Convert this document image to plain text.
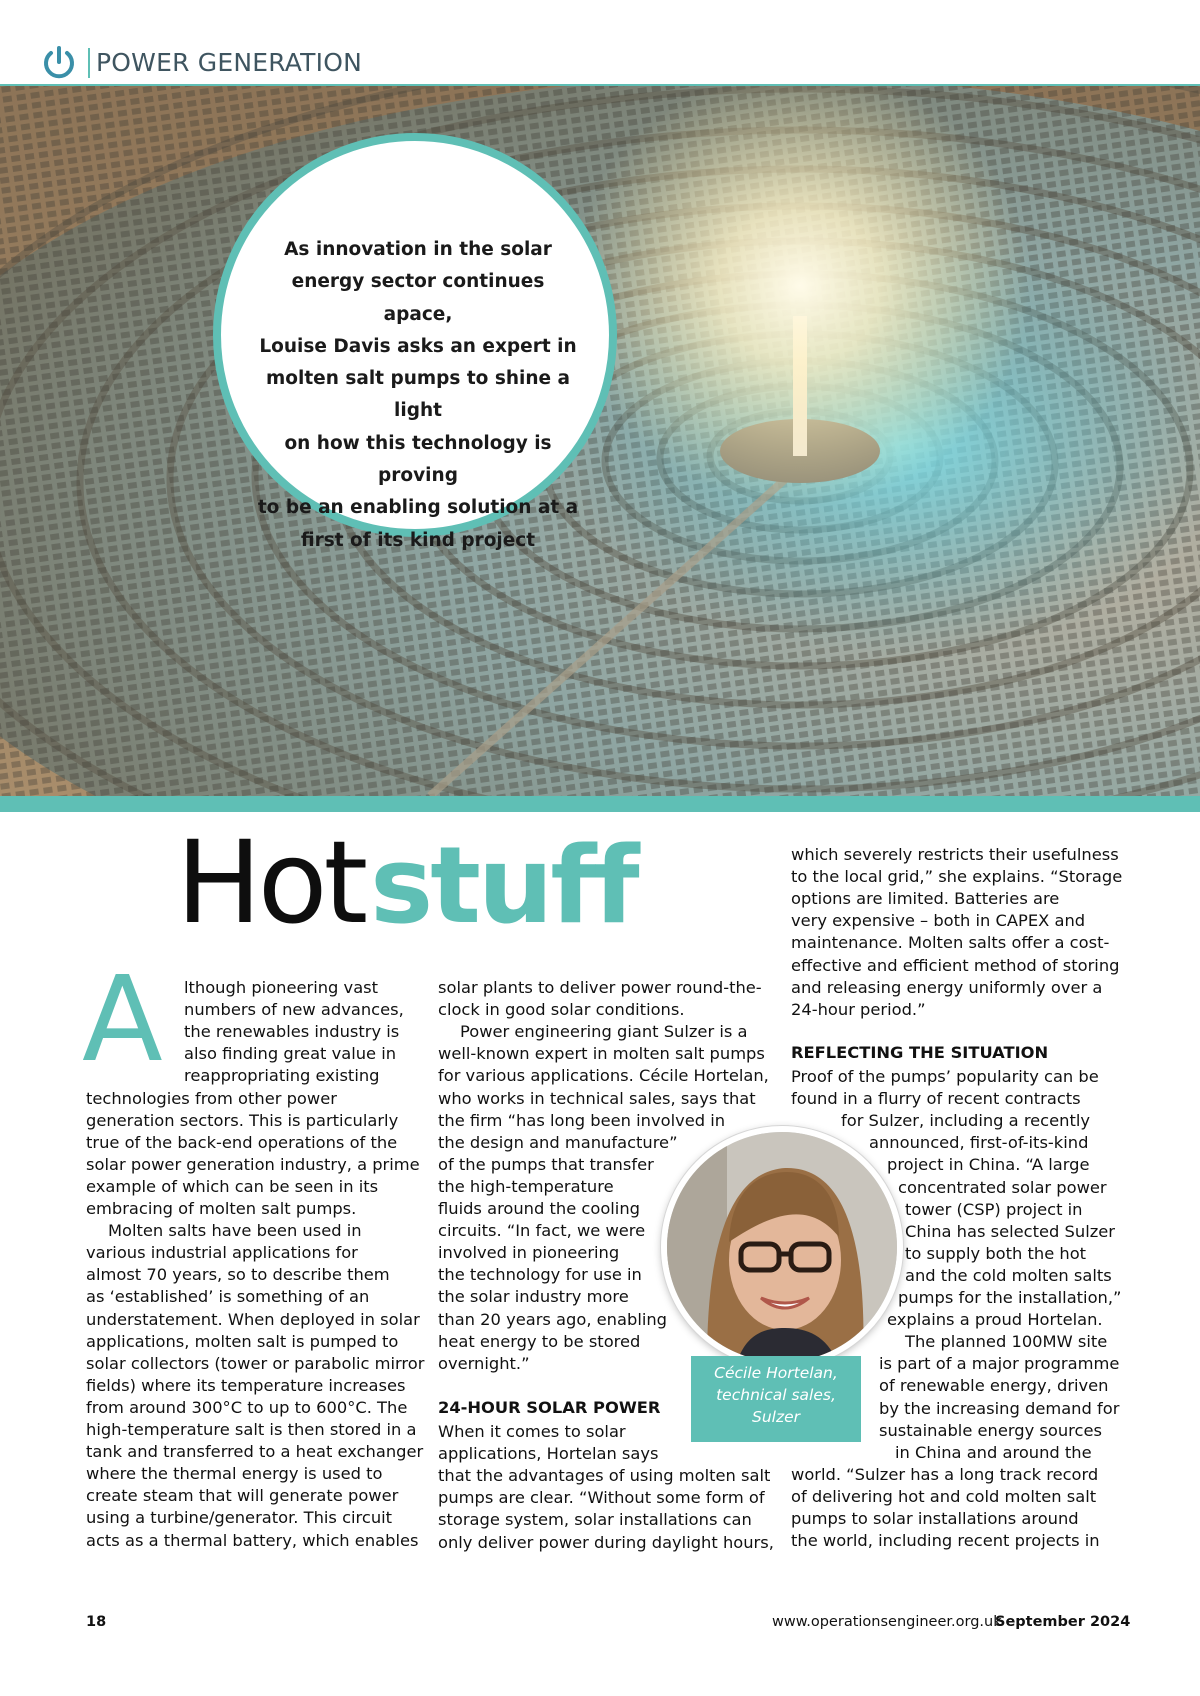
POWER GENERATION
As innovation in the solar
energy sector continues apace,
Louise Davis asks an expert in
molten salt pumps to shine a light
on how this technology is proving
to be an enabling solution at a
first of its kind project
Hotstuff
A lthough pioneering vast
numbers of new advances,
the renewables industry is
also finding great value in
reappropriating existing
technologies from other power
generation sectors. This is particularly
true of the back-end operations of the
solar power generation industry, a prime
example of which can be seen in its
embracing of molten salt pumps.
Molten salts have been used in
various industrial applications for
almost 70 years, so to describe them
as ‘established’ is something of an
understatement. When deployed in solar
applications, molten salt is pumped to
solar collectors (tower or parabolic mirror
fields) where its temperature increases
from around 300°C to up to 600°C. The
high-temperature salt is then stored in a
tank and transferred to a heat exchanger
where the thermal energy is used to
create steam that will generate power
using a turbine/generator. This circuit
acts as a thermal battery, which enables
solar plants to deliver power round-the-
clock in good solar conditions.
Power engineering giant Sulzer is a
well-known expert in molten salt pumps
for various applications. Cécile Hortelan,
who works in technical sales, says that
the firm “has long been involved in
the design and manufacture”
of the pumps that transfer
the high-temperature
fluids around the cooling
circuits. “In fact, we were
involved in pioneering
the technology for use in
the solar industry more
than 20 years ago, enabling
heat energy to be stored
overnight.”
When it comes to solar
applications, Hortelan says
that the advantages of using molten salt
pumps are clear. “Without some form of
storage system, solar installations can
only deliver power during daylight hours,
which severely restricts their usefulness
to the local grid,” she explains. “Storage
options are limited. Batteries are
very expensive – both in CAPEX and
maintenance. Molten salts offer a cost-
effective and efficient method of storing
and releasing energy uniformly over a
24-hour period.”
Proof of the pumps’ popularity can be
found in a flurry of recent contracts
for Sulzer, including a recently
announced, first-of-its-kind
project in China. “A large
concentrated solar power
tower (CSP) project in
China has selected Sulzer
to supply both the hot
and the cold molten salts
pumps for the installation,”
explains a proud Hortelan.
The planned 100MW site
is part of a major programme
of renewable energy, driven
by the increasing demand for
sustainable energy sources
in China and around the
world. “Sulzer has a long track record
of delivering hot and cold molten salt
pumps to solar installations around
the world, including recent projects in
24-HOUR SOLAR POWER
REFLECTING THE SITUATION
Cécile Hortelan,
technical sales,
Sulzer
18	www.operationsengineer.org.uk
September 2024
